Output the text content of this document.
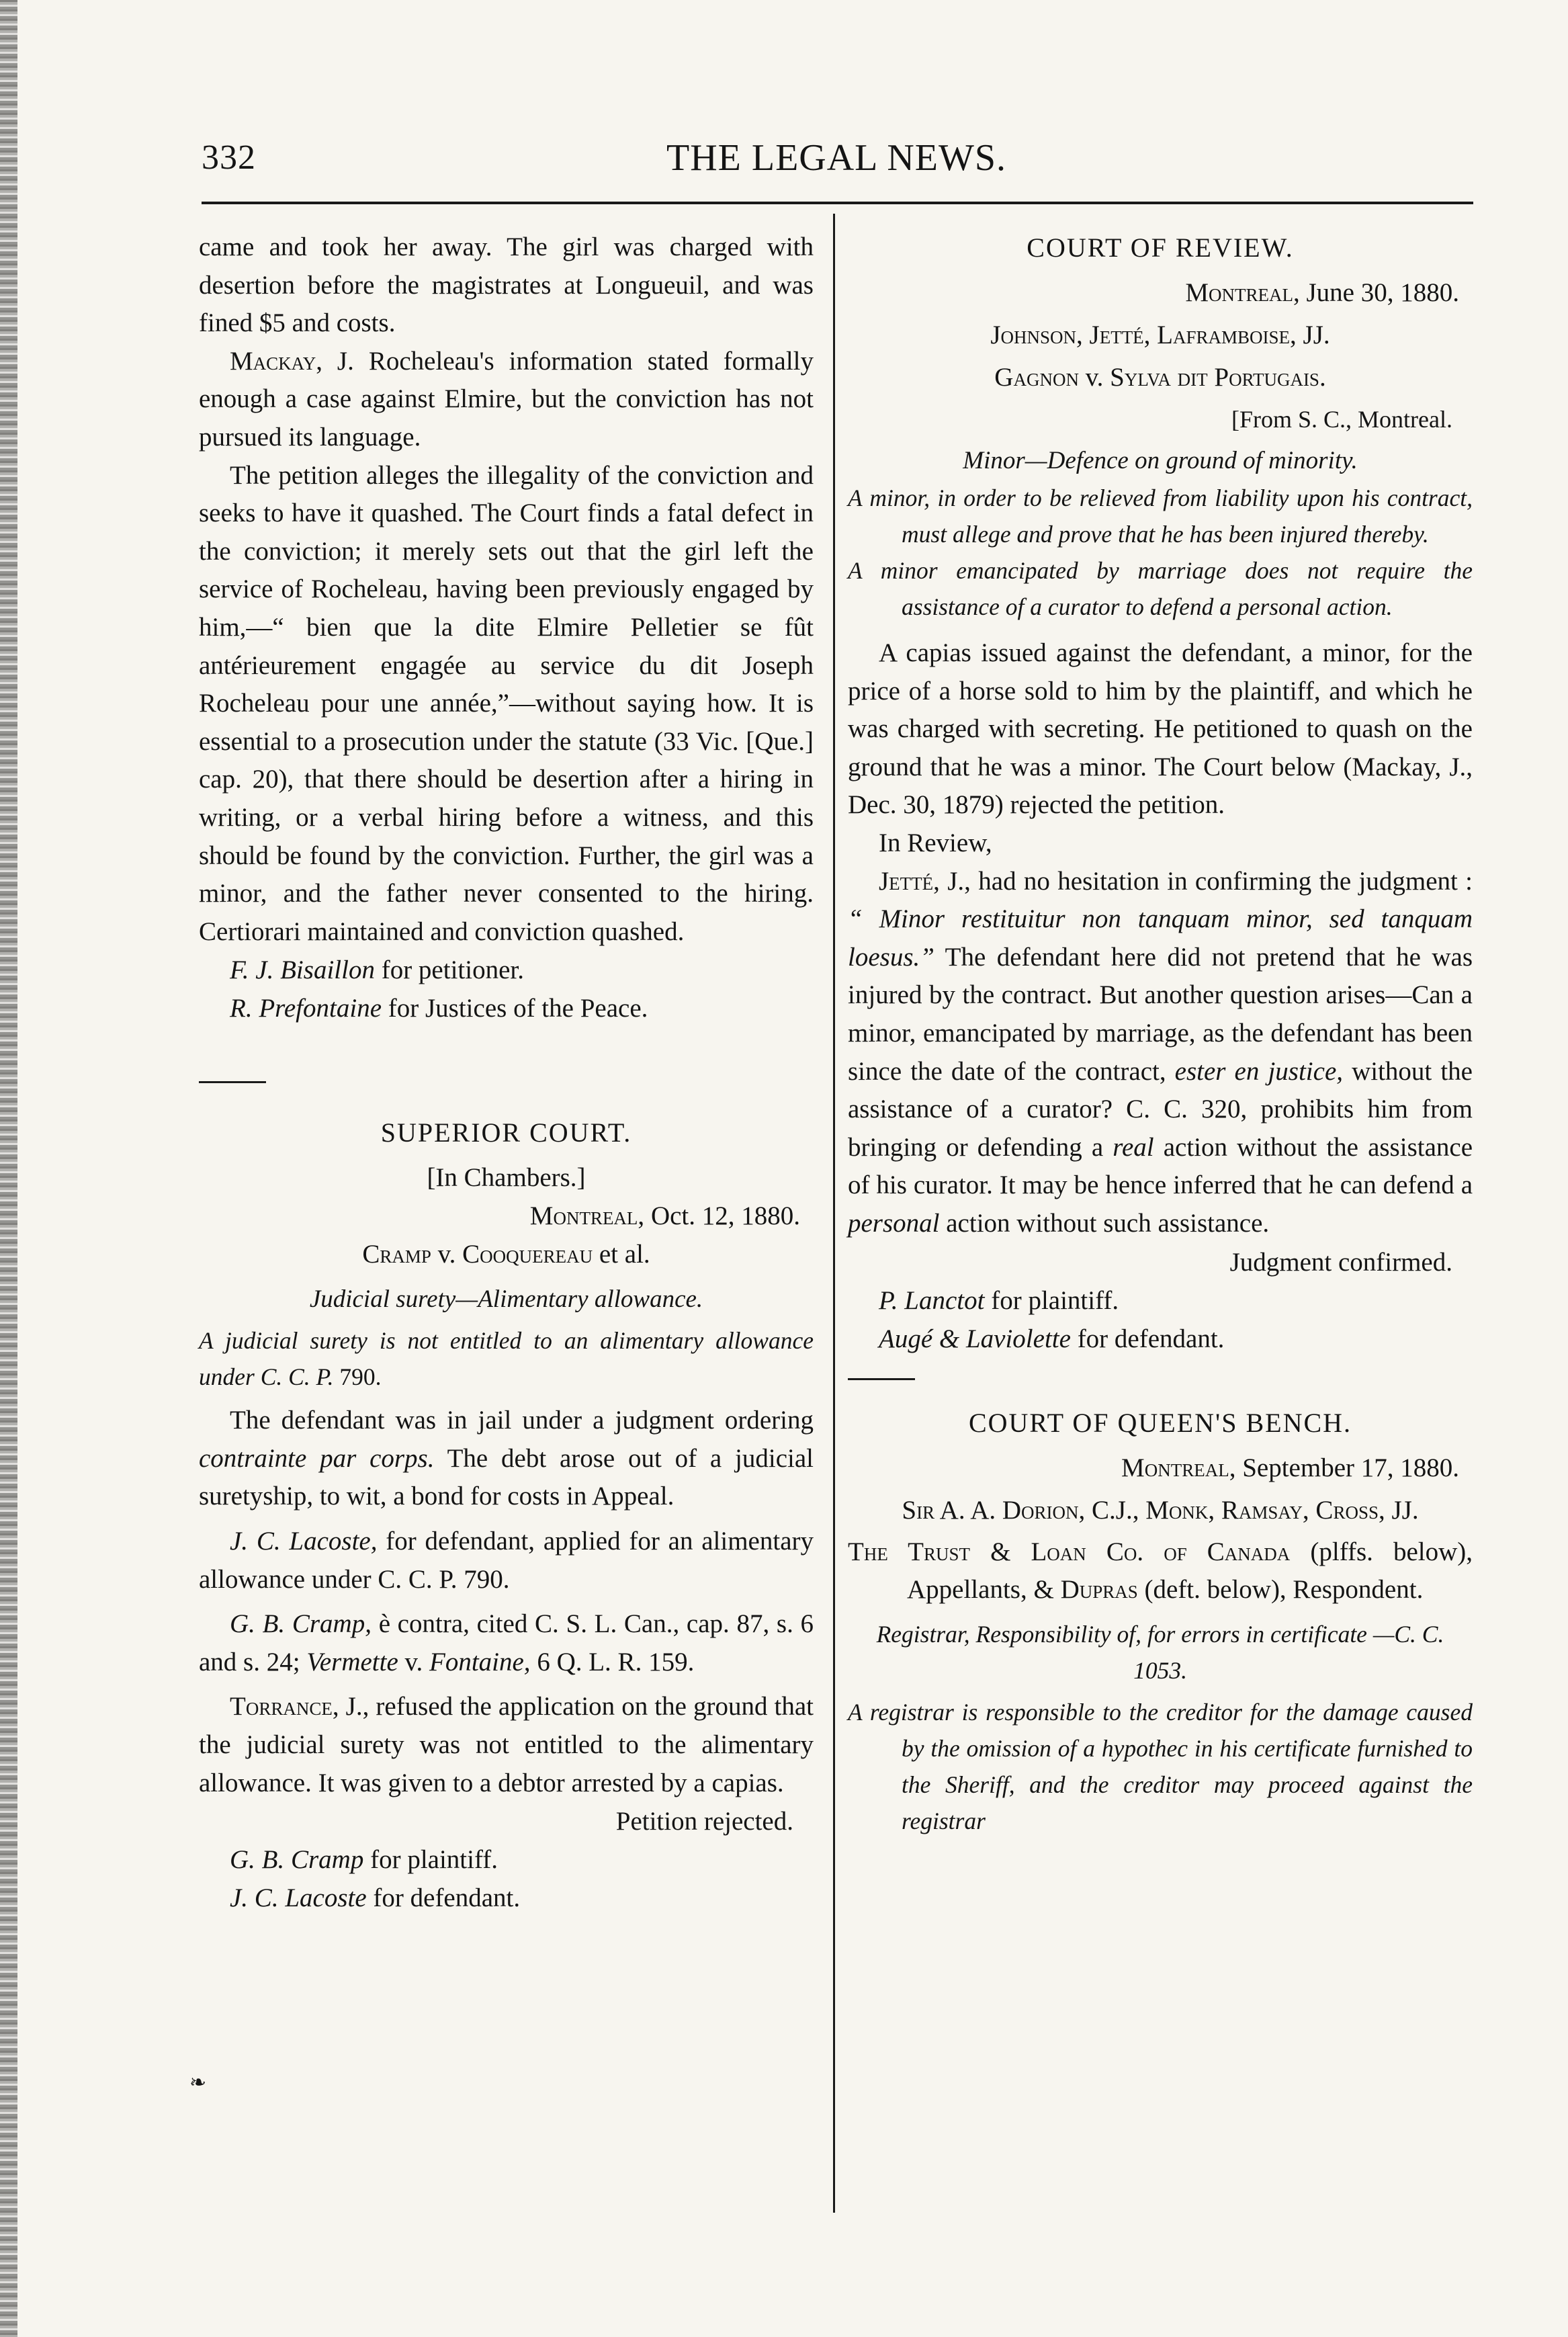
332	THE LEGAL NEWS.

came and took her away. The girl was charged with desertion before the magistrates at Longueuil, and was fined $5 and costs.

Mackay, J. Rocheleau's information stated formally enough a case against Elmire, but the conviction has not pursued its language.

The petition alleges the illegality of the conviction and seeks to have it quashed. The Court finds a fatal defect in the conviction; it merely sets out that the girl left the service of Rocheleau, having been previously engaged by him,—“ bien que la dite Elmire Pelletier se fût antérieurement engagée au service du dit Joseph Rocheleau pour une année,”—without saying how. It is essential to a prosecution under the statute (33 Vic. [Que.] cap. 20), that there should be desertion after a hiring in writing, or a verbal hiring before a witness, and this should be found by the conviction. Further, the girl was a minor, and the father never consented to the hiring. Certiorari maintained and conviction quashed.

F. J. Bisaillon for petitioner.

R. Prefontaine for Justices of the Peace.

SUPERIOR COURT.
[In Chambers.]
Montreal, Oct. 12, 1880.
Cramp v. Cooquereau et al.
Judicial surety—Alimentary allowance.

A judicial surety is not entitled to an alimentary allowance under C. C. P. 790.

The defendant was in jail under a judgment ordering contrainte par corps. The debt arose out of a judicial suretyship, to wit, a bond for costs in Appeal.

J. C. Lacoste, for defendant, applied for an alimentary allowance under C. C. P. 790.

G. B. Cramp, è contra, cited C. S. L. Can., cap. 87, s. 6 and s. 24; Vermette v. Fontaine, 6 Q. L. R. 159.

Torrance, J., refused the application on the ground that the judicial surety was not entitled to the alimentary allowance. It was given to a debtor arrested by a capias.

Petition rejected.

G. B. Cramp for plaintiff.

J. C. Lacoste for defendant.

COURT OF REVIEW.
Montreal, June 30, 1880.
Johnson, Jetté, Laframboise, JJ.
Gagnon v. Sylva dit Portugais.
[From S. C., Montreal.
Minor—Defence on ground of minority.

A minor, in order to be relieved from liability upon his contract, must allege and prove that he has been injured thereby.

A minor emancipated by marriage does not require the assistance of a curator to defend a personal action.

A capias issued against the defendant, a minor, for the price of a horse sold to him by the plaintiff, and which he was charged with secreting. He petitioned to quash on the ground that he was a minor. The Court below (Mackay, J., Dec. 30, 1879) rejected the petition.

In Review,

Jetté, J., had no hesitation in confirming the judgment : “ Minor restituitur non tanquam minor, sed tanquam loesus.” The defendant here did not pretend that he was injured by the contract. But another question arises—Can a minor, emancipated by marriage, as the defendant has been since the date of the contract, ester en justice, without the assistance of a curator? C. C. 320, prohibits him from bringing or defending a real action without the assistance of his curator. It may be hence inferred that he can defend a personal action without such assistance.

Judgment confirmed.

P. Lanctot for plaintiff.

Augé & Laviolette for defendant.

COURT OF QUEEN'S BENCH.
Montreal, September 17, 1880.
Sir A. A. Dorion, C.J., Monk, Ramsay, Cross, JJ.

The Trust & Loan Co. of Canada (plffs. below), Appellants, & Dupras (deft. below), Respondent.

Registrar, Responsibility of, for errors in certificate —C. C. 1053.

A registrar is responsible to the creditor for the damage caused by the omission of a hypothec in his certificate furnished to the Sheriff, and the creditor may proceed against the registrar

❧
